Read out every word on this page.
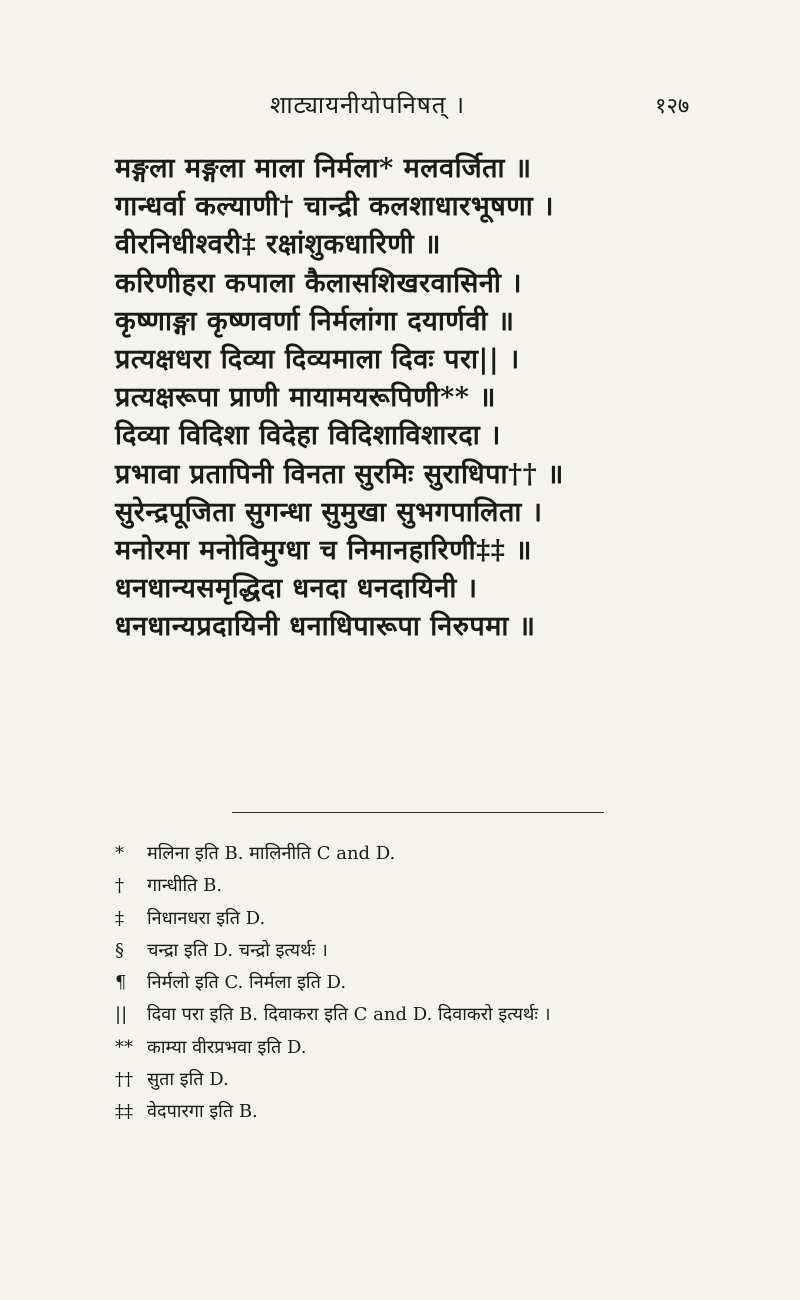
शाट्यायनीयोपनिषत् ।	१२७
मङ्गला मङ्गला माला निर्मला* मलवर्जिता ॥
गान्धर्वा कल्याणी† चान्द्री कलशाधारभूषणा ।
वीरनिधीश्वरी‡ रक्षांशुकधारिणी ॥
करिणीहरा कपाला कैलासशिखरवासिनी ।
कृष्णाङ्गा कृष्णवर्णा निर्मलांगा दयार्णवी ॥
प्रत्यक्षधरा दिव्या दिव्यमाला दिवः परा|| ।
प्रत्यक्षरूपा प्राणी मायामयरूपिणी** ॥
दिव्या विदिशा विदेहा विदिशाविशारदा ।
प्रभावा प्रतापिनी विनता सुरमिः सुराधिपा†† ॥
सुरेन्द्रपूजिता सुगन्धा सुमुखा सुभगपालिता ।
मनोरमा मनोविमुग्धा च निमानहारिणी‡‡ ॥
धनधान्यसमृद्धिदा धनदा धनदायिनी ।
धनधान्यप्रदायिनी धनाधिपारूपा निरुपमा ॥
* मलिना इति B. मालिनीति C and D.
† गान्धीति B.
‡ निधानधरा इति D.
§ चन्द्रा इति D. चन्द्रो इत्यर्थः ।
¶ निर्मलो इति C. निर्मला इति D.
|| दिवा परा इति B. दिवाकरा इति C and D. दिवाकरो इत्यर्थः ।
** काम्या वीरप्रभवा इति D.
†† सुता इति D.
‡‡ वेदपारगा इति B.
